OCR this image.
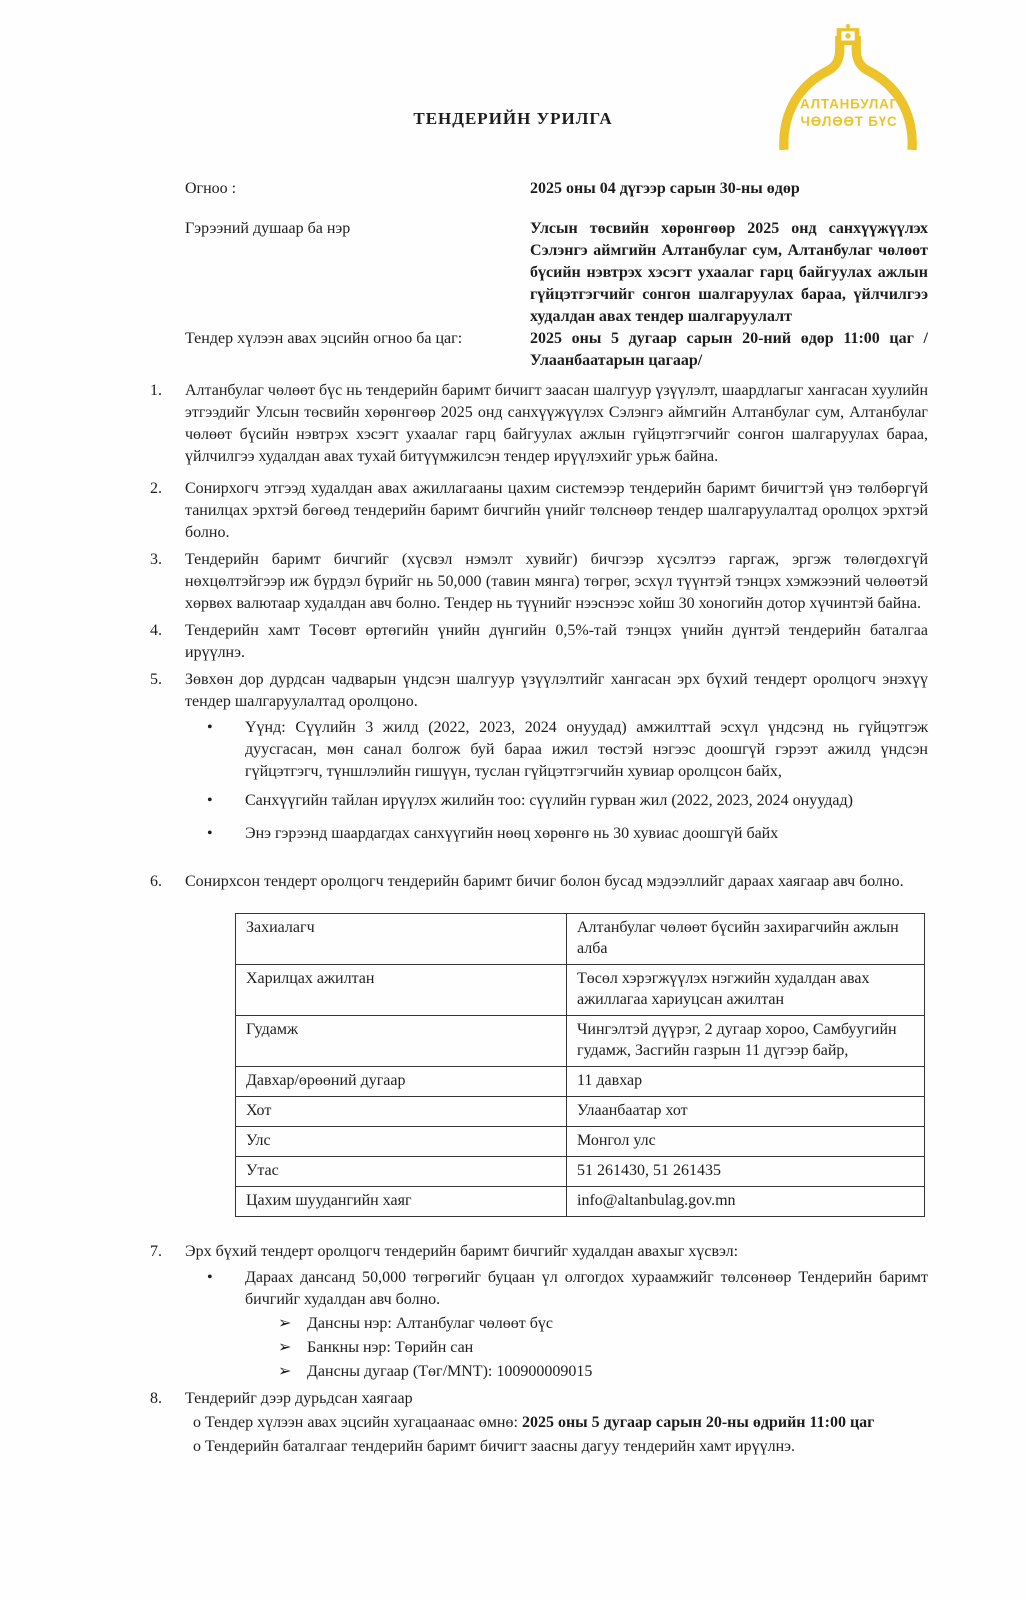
ТЕНДЕРИЙН УРИЛГА
АЛТАНБУЛАГ
ЧӨЛӨӨТ БҮС
Огноо :	2025 оны 04 дүгээр сарын 30-ны өдөр
Гэрээний душаар ба нэр	Улсын төсвийн хөрөнгөөр 2025 онд санхүүжүүлэх Сэлэнгэ аймгийн Алтанбулаг сум, Алтанбулаг чөлөөт бүсийн нэвтрэх хэсэгт ухаалаг гарц байгуулах ажлын гүйцэтгэгчийг сонгон шалгаруулах бараа, үйлчилгээ худалдан авах тендер шалгаруулалт
Тендер хүлээн авах эцсийн огноо ба цаг:	2025 оны 5 дугаар сарын 20-ний өдөр 11:00 цаг /Улаанбаатарын цагаар/
1.	Алтанбулаг чөлөөт бүс нь тендерийн баримт бичигт заасан шалгуур үзүүлэлт, шаардлагыг хангасан хуулийн этгээдийг Улсын төсвийн хөрөнгөөр 2025 онд санхүүжүүлэх Сэлэнгэ аймгийн Алтанбулаг сум, Алтанбулаг чөлөөт бүсийн нэвтрэх хэсэгт ухаалаг гарц байгуулах ажлын гүйцэтгэгчийг сонгон шалгаруулах бараа, үйлчилгээ худалдан авах тухай битүүмжилсэн тендер ирүүлэхийг урьж байна.
2.	Сонирхогч этгээд худалдан авах ажиллагааны цахим системээр тендерийн баримт бичигтэй үнэ төлбөргүй танилцах эрхтэй бөгөөд тендерийн баримт бичгийн үнийг төлснөөр тендер шалгаруулалтад оролцох эрхтэй болно.
3.	Тендерийн баримт бичгийг (хүсвэл нэмэлт хувийг) бичгээр хүсэлтээ гаргаж, эргэж төлөгдөхгүй нөхцөлтэйгээр иж бүрдэл бүрийг нь 50,000 (тавин мянга) төгрөг, эсхүл түүнтэй тэнцэх хэмжээний чөлөөтэй хөрвөх валютаар худалдан авч болно. Тендер нь түүнийг нээснээс хойш 30 хоногийн дотор хүчинтэй байна.
4.	Тендерийн хамт Төсөвт өртөгийн үнийн дүнгийн 0,5%-тай тэнцэх үнийн дүнтэй тендерийн баталгаа ирүүлнэ.
5.	Зөвхөн дор дурдсан чадварын үндсэн шалгуур үзүүлэлтийг хангасан эрх бүхий тендерт оролцогч энэхүү тендер шалгаруулалтад оролцоно.
•	Үүнд: Сүүлийн 3 жилд (2022, 2023, 2024 онуудад) амжилттай эсхүл үндсэнд нь гүйцэтгэж дуусгасан, мөн санал болгож буй бараа ижил төстэй нэгээс доошгүй гэрээт ажилд үндсэн гүйцэтгэгч, түншлэлийн гишүүн, туслан гүйцэтгэгчийн хувиар оролцсон байх,
•	Санхүүгийн тайлан ирүүлэх жилийн тоо: сүүлийн гурван жил (2022, 2023, 2024 онуудад)
•	Энэ гэрээнд шаардагдах санхүүгийн нөөц хөрөнгө нь 30 хувиас доошгүй байх
6.	Сонирхсон тендерт оролцогч тендерийн баримт бичиг болон бусад мэдээллийг дараах хаягаар авч болно.
Захиалагч	Алтанбулаг чөлөөт бүсийн захирагчийн ажлын алба
Харилцах ажилтан	Төсөл хэрэгжүүлэх нэгжийн худалдан авах ажиллагаа хариуцсан ажилтан
Гудамж	Чингэлтэй дүүрэг, 2 дугаар хороо, Самбуугийн гудамж, Засгийн газрын 11 дүгээр байр,
Давхар/өрөөний дугаар	11 давхар
Хот	Улаанбаатар хот
Улс	Монгол улс
Утас	51 261430, 51 261435
Цахим шуудангийн хаяг	info@altanbulag.gov.mn
7.	Эрх бүхий тендерт оролцогч тендерийн баримт бичгийг худалдан авахыг хүсвэл:
•	Дараах дансанд 50,000 төгрөгийг буцаан үл олгогдох хураамжийг төлсөнөөр Тендерийн баримт бичгийг худалдан авч болно.
➢ Дансны нэр: Алтанбулаг чөлөөт бүс
➢ Банкны нэр: Төрийн сан
➢ Дансны дугаар (Төг/MNT): 100900009015
8.	Тендерийг дээр дурьдсан хаягаар
о Тендер хүлээн авах эцсийн хугацаанаас өмнө: 2025 оны 5 дугаар сарын 20-ны өдрийн 11:00 цаг
о Тендерийн баталгааг тендерийн баримт бичигт заасны дагуу тендерийн хамт ирүүлнэ.
